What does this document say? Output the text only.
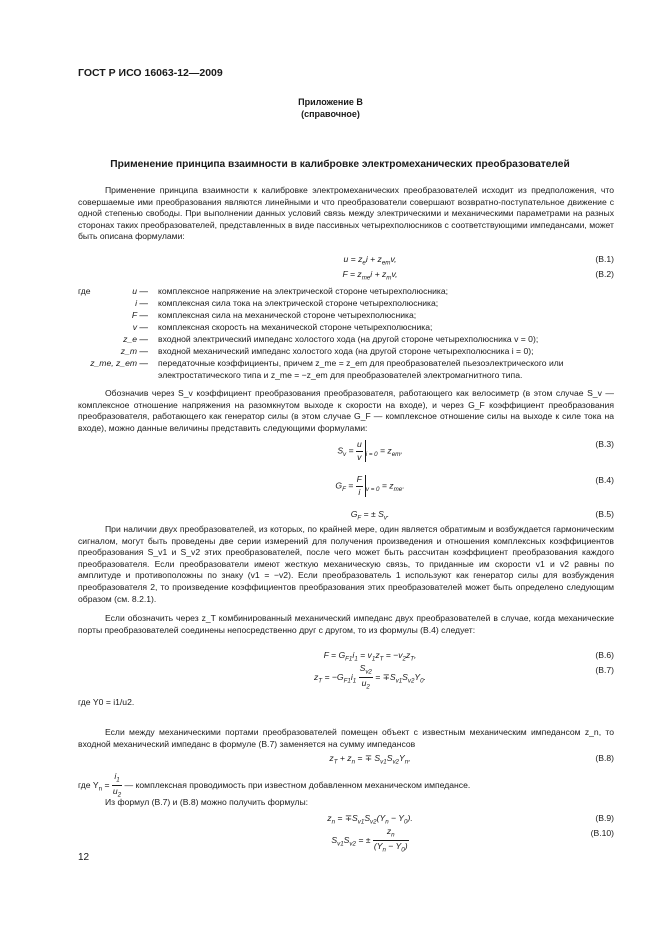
ГОСТ Р ИСО 16063-12—2009
Приложение В
(справочное)
Применение принципа взаимности в калибровке электромеханических преобразователей
Применение принципа взаимности к калибровке электромеханических преобразователей исходит из предположения, что совершаемые ими преобразования являются линейными и что преобразователи совершают возвратно-поступательное движение с одной степенью свободы. При выполнении данных условий связь между электрическими и механическими параметрами на разных сторонах таких преобразователей, представленных в виде пассивных четырехполюсников с соответствующими импедансами, может быть описана формулами:
$u = z_ei + z_{em}v$,	(В.1)
$F = z_{me}i + z_mv$,	(В.2)
где	u — комплексное напряжение на электрической стороне четырехполюсника;
i — комплексная сила тока на электрической стороне четырехполюсника;
F — комплексная сила на механической стороне четырехполюсника;
v — комплексная скорость на механической стороне четырехполюсника;
z_e — входной электрический импеданс холостого хода (на другой стороне четырехполюсника v = 0);
z_m — входной механический импеданс холостого хода (на другой стороне четырехполюсника i = 0);
z_me, z_em — передаточные коэффициенты, причем z_me = z_em для преобразователей пьезоэлектрического или электростатического типа и z_me = −z_em для преобразователей электромагнитного типа.
Обозначив через S_v коэффициент преобразования преобразователя, работающего как велосиметр (в этом случае S_v — комплексное отношение напряжения на разомкнутом выходе к скорости на входе), и через G_F коэффициент преобразования преобразователя, работающего как генератор силы (в этом случае G_F — комплексное отношение силы на выходе к силе тока на входе), можно данные величины представить следующими формулами:
$S_v = \frac{u}{v} _{i = 0} = z_{em}$,
(В.3)
$G_F = \frac{F}{i} _{v = 0} = z_{me}$.
(В.4)
$G_F$ = ± $S_v$.	(В.5)
При наличии двух преобразователей, из которых, по крайней мере, один является обратимым и возбуждается гармоническим сигналом, могут быть проведены две серии измерений для получения произведения и отношения комплексных коэффициентов преобразования S_v1 и S_v2 этих преобразователей, после чего может быть рассчитан коэффициент преобразования каждого преобразователя. Если преобразователи имеют жесткую механическую связь, то приданные им скорости v1 и v2 равны по амплитуде и противоположны по знаку (v1 = −v2). Если преобразователь 1 используют как генератор силы для возбуждения преобразователя 2, то произведение коэффициентов преобразования этих преобразователей может быть определено следующим образом (см. 8.2.1).
Если обозначить через z_T комбинированный механический импеданс двух преобразователей в случае, когда механические порты преобразователей соединены непосредственно друг с другом, то из формулы (В.4) следует:
$F = G_{F1}i_1 = v_1z_T = -v_2z_T$,	(В.6)
$z_T = -G_{F1}i_1 \frac{S_{v2}}{u_2} = \mp S_{v1}S_{v2}Y_0$.
(В.7)
где Y0 = i1/u2.
Если между механическими портами преобразователей помещен объект с известным механическим импедансом z_n, то входной механический импеданс в формуле (В.7) заменяется на сумму импедансов
$z_T + z_n$ = ∓ $S_{v1}S_{v2}Y_n$,	(В.8)
где $Y_n = \frac{i_1}{u_2}$ — комплексная проводимость при известном добавленном механическом импедансе.
Из формул (В.7) и (В.8) можно получить формулы:
$z_n = \mp S_{v1}S_{v2}(Y_n - Y_0)$.	(В.9)
$S_{v1}S_{v2}$ = ± $\frac{z_n}{(Y_n - Y_0)}$	(В.10)
12
